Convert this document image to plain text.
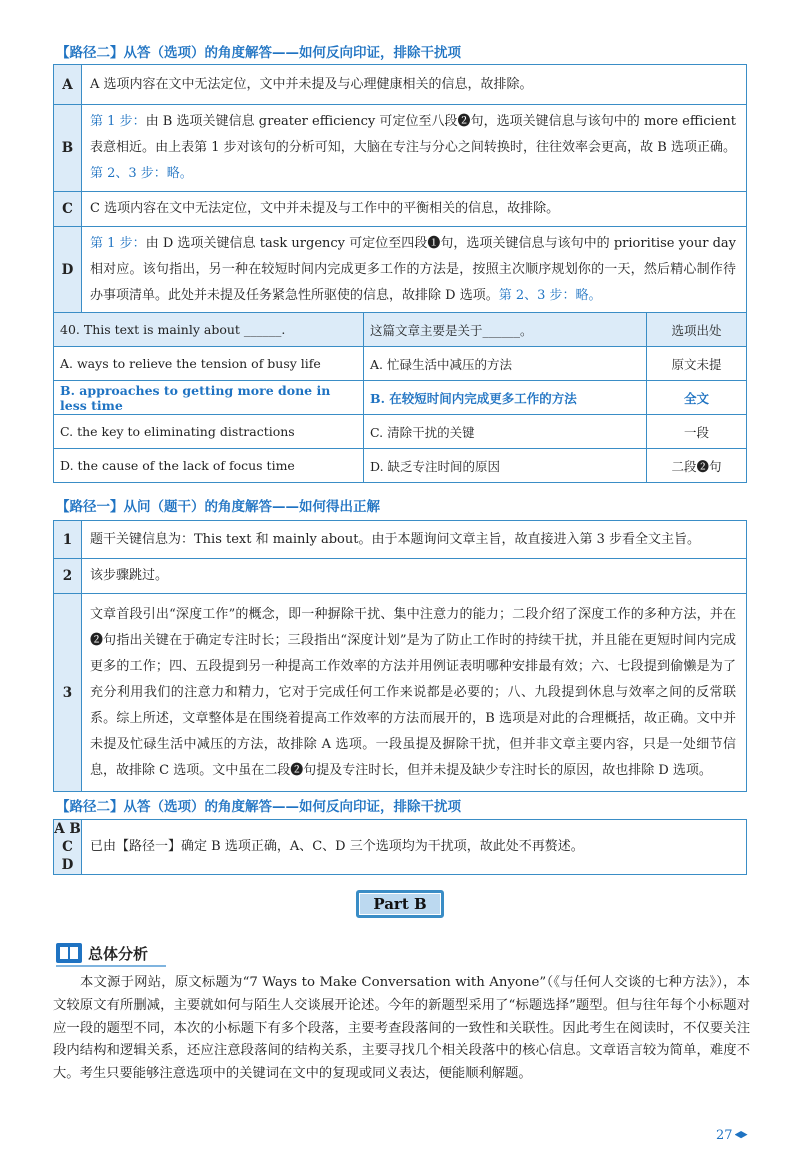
【路径二】从答（选项）的角度解答——如何反向印证，排除干扰项
A	A 选项内容在文中无法定位，文中并未提及与心理健康相关的信息，故排除。
B	第 1 步：由 B 选项关键信息 greater efficiency 可定位至八段❷句，选项关键信息与该句中的 more efficient 表意相近。由上表第 1 步对该句的分析可知，大脑在专注与分心之间转换时，往往效率会更高，故 B 选项正确。第 2、3 步：略。
C	C 选项内容在文中无法定位，文中并未提及与工作中的平衡相关的信息，故排除。
D	第 1 步：由 D 选项关键信息 task urgency 可定位至四段❶句，选项关键信息与该句中的 prioritise your day 相对应。该句指出，另一种在较短时间内完成更多工作的方法是，按照主次顺序规划你的一天，然后精心制作待办事项清单。此处并未提及任务紧急性所驱使的信息，故排除 D 选项。第 2、3 步：略。
40. This text is mainly about ______.	这篇文章主要是关于______。	选项出处
A. ways to relieve the tension of busy life	A. 忙碌生活中减压的方法	原文未提
B. approaches to getting more done in less time	B. 在较短时间内完成更多工作的方法	全文
C. the key to eliminating distractions	C. 清除干扰的关键	一段
D. the cause of the lack of focus time	D. 缺乏专注时间的原因	二段❷句
【路径一】从问（题干）的角度解答——如何得出正解
1	题干关键信息为：This text 和 mainly about。由于本题询问文章主旨，故直接进入第 3 步看全文主旨。
2	该步骤跳过。
3	文章首段引出“深度工作”的概念，即一种摒除干扰、集中注意力的能力；二段介绍了深度工作的多种方法，并在❷句指出关键在于确定专注时长；三段指出“深度计划”是为了防止工作时的持续干扰，并且能在更短时间内完成更多的工作；四、五段提到另一种提高工作效率的方法并用例证表明哪种安排最有效；六、七段提到偷懒是为了充分利用我们的注意力和精力，它对于完成任何工作来说都是必要的；八、九段提到休息与效率之间的反常联系。综上所述，文章整体是在围绕着提高工作效率的方法而展开的，B 选项是对此的合理概括，故正确。文中并未提及忙碌生活中减压的方法，故排除 A 选项。一段虽提及摒除干扰，但并非文章主要内容，只是一处细节信息，故排除 C 选项。文中虽在二段❷句提及专注时长，但并未提及缺少专注时长的原因，故也排除 D 选项。
【路径二】从答（选项）的角度解答——如何反向印证，排除干扰项
A B
C D
	已由【路径一】确定 B 选项正确，A、C、D 三个选项均为干扰项，故此处不再赘述。
Part B
总体分析

本文源于网站，原文标题为“7 Ways to Make Conversation with Anyone”（《与任何人交谈的七种方法》），本文较原文有所删减，主要就如何与陌生人交谈展开论述。今年的新题型采用了“标题选择”题型。但与往年每个小标题对应一段的题型不同，本次的小标题下有多个段落，主要考查段落间的一致性和关联性。因此考生在阅读时，不仅要关注段内结构和逻辑关系，还应注意段落间的结构关系，主要寻找几个相关段落中的核心信息。文章语言较为简单，难度不大。考生只要能够注意选项中的关键词在文中的复现或同义表达，便能顺利解题。

27
